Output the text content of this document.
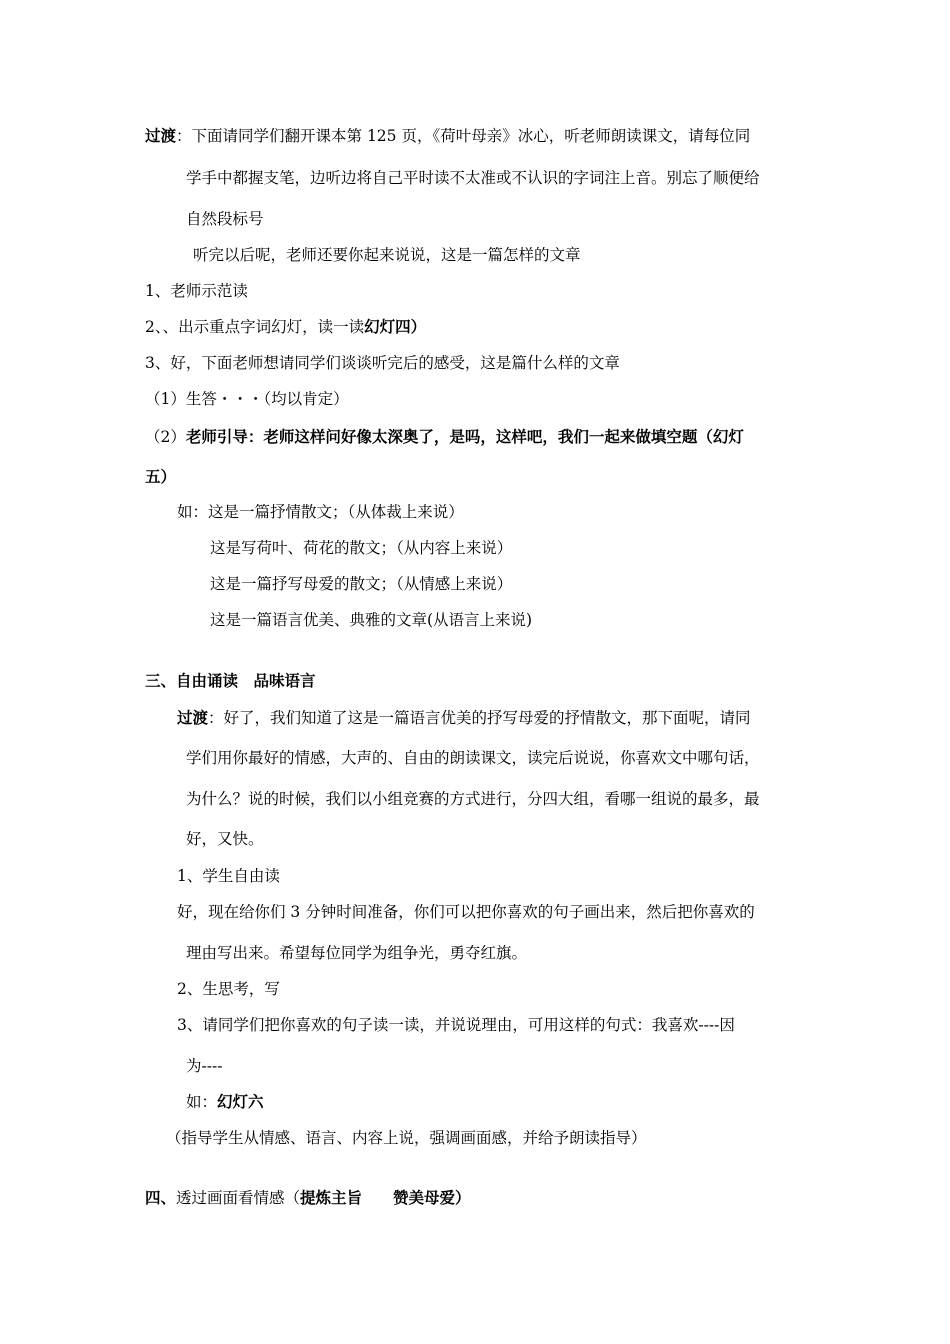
过渡：下面请同学们翻开课本第 125 页，《荷叶母亲》冰心，听老师朗读课文，请每位同
学手中都握支笔，边听边将自己平时读不太准或不认识的字词注上音。别忘了顺便给
自然段标号
听完以后呢，老师还要你起来说说，这是一篇怎样的文章
1、老师示范读
2、、出示重点字词幻灯，读一读幻灯四）
3、好，下面老师想请同学们谈谈听完后的感受，这是篇什么样的文章
（1）生答・・・（均以肯定）
（2）老师引导：老师这样问好像太深奥了，是吗，这样吧，我们一起来做填空题（幻灯
五）
如：这是一篇抒情散文；（从体裁上来说）
这是写荷叶、荷花的散文；（从内容上来说）
这是一篇抒写母爱的散文；（从情感上来说）
这是一篇语言优美、典雅的文章(从语言上来说)
三、自由诵读　品味语言
过渡：好了，我们知道了这是一篇语言优美的抒写母爱的抒情散文，那下面呢，请同
学们用你最好的情感，大声的、自由的朗读课文，读完后说说，你喜欢文中哪句话，
为什么？说的时候，我们以小组竞赛的方式进行，分四大组，看哪一组说的最多，最
好，又快。
1、学生自由读
好，现在给你们 3 分钟时间准备，你们可以把你喜欢的句子画出来，然后把你喜欢的
理由写出来。希望每位同学为组争光，勇夺红旗。
2、生思考，写
3、请同学们把你喜欢的句子读一读，并说说理由，可用这样的句式：我喜欢----因
为----
如：幻灯六
（指导学生从情感、语言、内容上说，强调画面感，并给予朗读指导）
四、透过画面看情感（提炼主旨　　赞美母爱）
